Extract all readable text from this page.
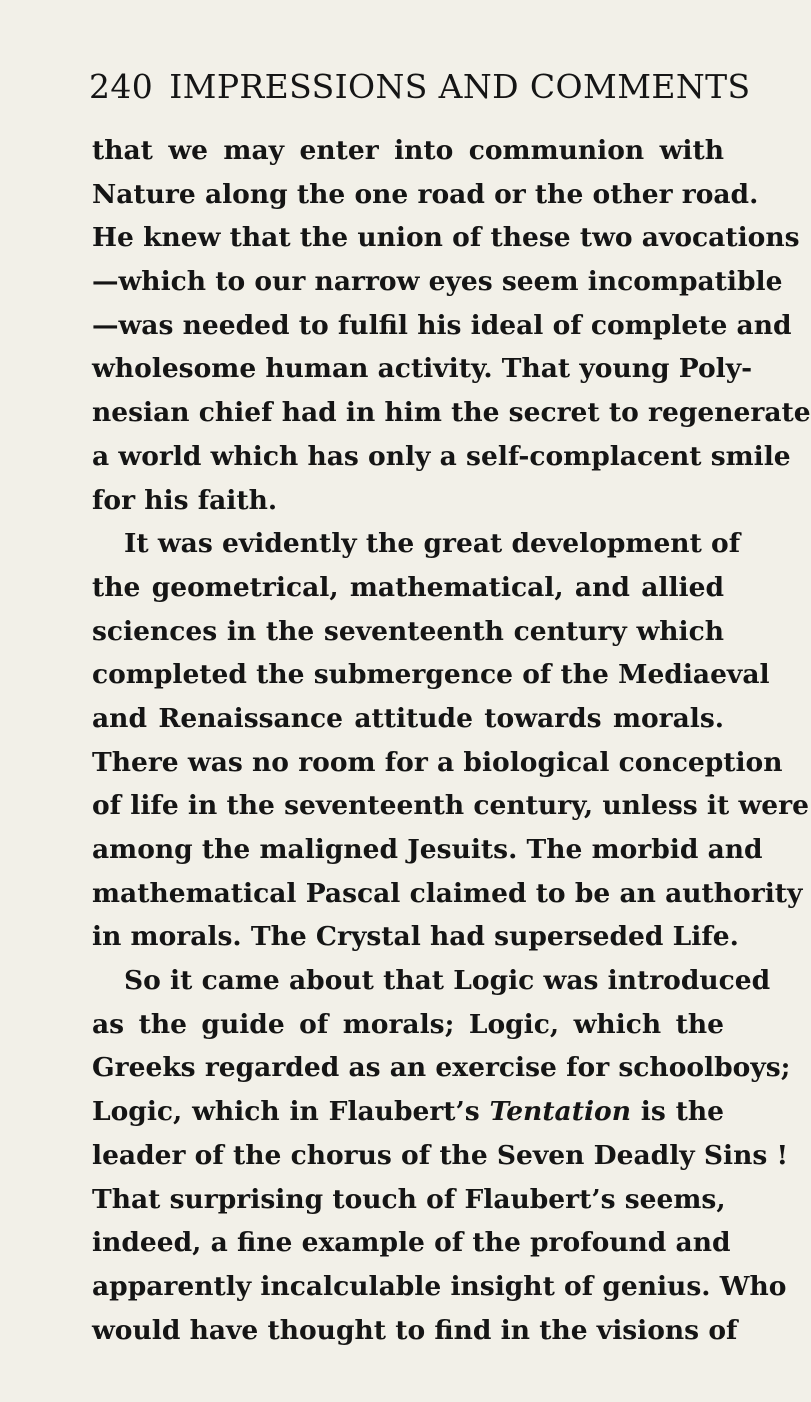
240 IMPRESSIONS AND COMMENTS
that we may enter into communion with
Nature along the one road or the other road.
He knew that the union of these two avocations
—which to our narrow eyes seem incompatible
—was needed to fulfil his ideal of complete and
wholesome human activity. That young Poly-
nesian chief had in him the secret to regenerate
a world which has only a self-complacent smile
for his faith.
It was evidently the great development of
the geometrical, mathematical, and allied
sciences in the seventeenth century which
completed the submergence of the Mediaeval
and Renaissance attitude towards morals.
There was no room for a biological conception
of life in the seventeenth century, unless it were
among the maligned Jesuits. The morbid and
mathematical Pascal claimed to be an authority
in morals. The Crystal had superseded Life.
So it came about that Logic was introduced
as the guide of morals; Logic, which the
Greeks regarded as an exercise for schoolboys;
Logic, which in Flaubert’s Tentation is the
leader of the chorus of the Seven Deadly Sins !
That surprising touch of Flaubert’s seems,
indeed, a fine example of the profound and
apparently incalculable insight of genius. Who
would have thought to find in the visions of
